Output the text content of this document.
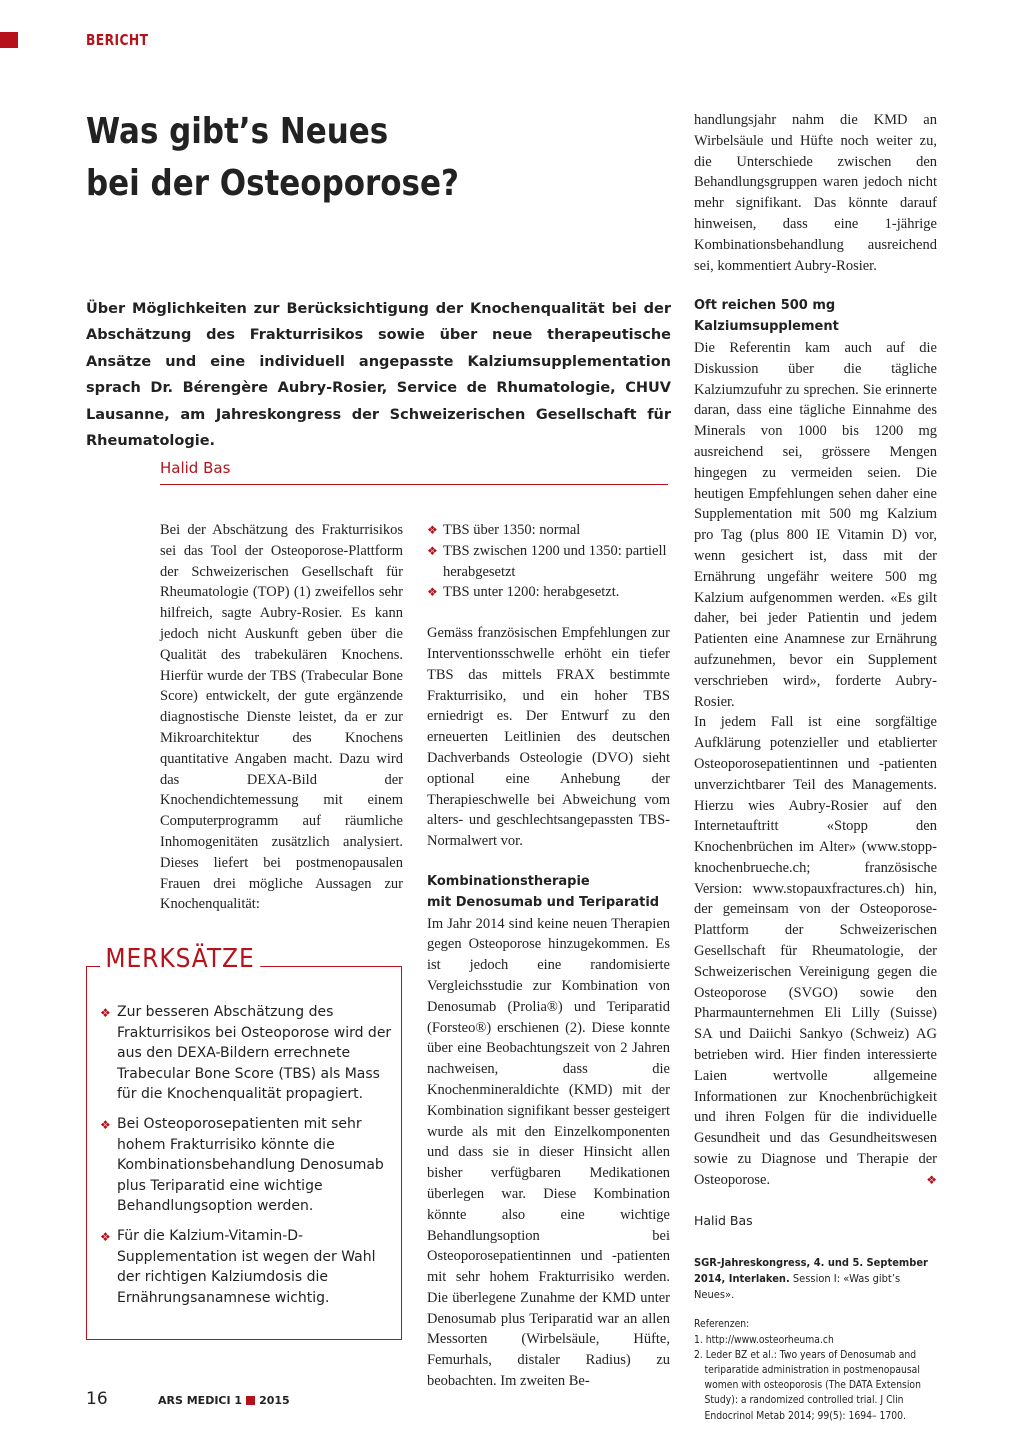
BERICHT
Was gibt’s Neues
bei der Osteoporose?

Über Möglichkeiten zur Berücksichtigung der Knochenqualität bei der Abschätzung des Frakturrisikos sowie über neue therapeutische Ansätze und eine individuell angepasste Kalziumsupplementation sprach Dr. Bérengère Aubry-Rosier, Service de Rhumatologie, CHUV Lausanne, am Jahreskongress der Schweizerischen Gesellschaft für Rheumatologie.

Halid Bas

Bei der Abschätzung des Frakturrisikos sei das Tool der Osteoporose-Plattform der Schweizerischen Gesellschaft für Rheumatologie (TOP) (1) zweifellos sehr hilfreich, sagte Aubry-Rosier. Es kann jedoch nicht Auskunft geben über die Qualität des trabekulären Knochens. Hierfür wurde der TBS (Trabecular Bone Score) entwickelt, der gute ergänzende diagnostische Dienste leistet, da er zur Mikroarchitektur des Knochens quantitative Angaben macht. Dazu wird das DEXA-Bild der Knochendichtemessung mit einem Computerprogramm auf räumliche Inhomogenitäten zusätzlich analysiert. Dieses liefert bei postmenopausalen Frauen drei mögliche Aussagen zur Knochenqualität:

MERKSÄTZE
❖ Zur besseren Abschätzung des Frakturrisikos bei Osteoporose wird der aus den DEXA-Bildern errechnete Trabecular Bone Score (TBS) als Mass für die Knochenqualität propagiert.
❖ Bei Osteoporosepatienten mit sehr hohem Frakturrisiko könnte die Kombinationsbehandlung Denosumab plus Teriparatid eine wichtige Behandlungsoption werden.
❖ Für die Kalzium-Vitamin-D-Supplementation ist wegen der Wahl der richtigen Kalziumdosis die Ernährungsanamnese wichtig.
❖ TBS über 1350: normal
❖ TBS zwischen 1200 und 1350: partiell herabgesetzt
❖ TBS unter 1200: herabgesetzt.

Gemäss französischen Empfehlungen zur Interventionsschwelle erhöht ein tiefer TBS das mittels FRAX bestimmte Frakturrisiko, und ein hoher TBS erniedrigt es. Der Entwurf zu den erneuerten Leitlinien des deutschen Dachverbands Osteologie (DVO) sieht optional eine Anhebung der Therapieschwelle bei Abweichung vom alters- und geschlechtsangepassten TBS-Normalwert vor.

Kombinationstherapie
mit Denosumab und Teriparatid

Im Jahr 2014 sind keine neuen Therapien gegen Osteoporose hinzugekommen. Es ist jedoch eine randomisierte Vergleichsstudie zur Kombination von Denosumab (Prolia®) und Teriparatid (Forsteo®) erschienen (2). Diese konnte über eine Beobachtungszeit von 2 Jahren nachweisen, dass die Knochenmineraldichte (KMD) mit der Kombination signifikant besser gesteigert wurde als mit den Einzelkomponenten und dass sie in dieser Hinsicht allen bisher verfügbaren Medikationen überlegen war. Diese Kombination könnte also eine wichtige Behandlungsoption bei Osteoporosepatientinnen und -patienten mit sehr hohem Frakturrisiko werden. Die überlegene Zunahme der KMD unter Denosumab plus Teriparatid war an allen Messorten (Wirbelsäule, Hüfte, Femurhals, distaler Radius) zu beobachten. Im zweiten Be-

handlungsjahr nahm die KMD an Wirbelsäule und Hüfte noch weiter zu, die Unterschiede zwischen den Behandlungsgruppen waren jedoch nicht mehr signifikant. Das könnte darauf hinweisen, dass eine 1-jährige Kombinationsbehandlung ausreichend sei, kommentiert Aubry-Rosier.

Oft reichen 500 mg
Kalziumsupplement

Die Referentin kam auch auf die Diskussion über die tägliche Kalziumzufuhr zu sprechen. Sie erinnerte daran, dass eine tägliche Einnahme des Minerals von 1000 bis 1200 mg ausreichend sei, grössere Mengen hingegen zu vermeiden seien. Die heutigen Empfehlungen sehen daher eine Supplementation mit 500 mg Kalzium pro Tag (plus 800 IE Vitamin D) vor, wenn gesichert ist, dass mit der Ernährung ungefähr weitere 500 mg Kalzium aufgenommen werden. «Es gilt daher, bei jeder Patientin und jedem Patienten eine Anamnese zur Ernährung aufzunehmen, bevor ein Supplement verschrieben wird», forderte Aubry-Rosier.

In jedem Fall ist eine sorgfältige Aufklärung potenzieller und etablierter Osteoporosepatientinnen und -patienten unverzichtbarer Teil des Managements. Hierzu wies Aubry-Rosier auf den Internetauftritt «Stopp den Knochenbrüchen im Alter» (www.stopp-knochenbrueche.ch; französische Version: www.stopauxfractures.ch) hin, der gemeinsam von der Osteoporose-Plattform der Schweizerischen Gesellschaft für Rheumatologie, der Schweizerischen Vereinigung gegen die Osteoporose (SVGO) sowie den Pharmaunternehmen Eli Lilly (Suisse) SA und Daiichi Sankyo (Schweiz) AG betrieben wird. Hier finden interessierte Laien wertvolle allgemeine Informationen zur Knochenbrüchigkeit und ihren Folgen für die individuelle Gesundheit und das Gesundheitswesen sowie zu Diagnose und Therapie der Osteoporose.	❖

Halid Bas
SGR-Jahreskongress, 4. und 5. September 2014, Interlaken. Session I: «Was gibt’s Neues».
Referenzen:
1. http://www.osteorheuma.ch
2. Leder BZ et al.: Two years of Denosumab and teriparatide administration in postmenopausal women with osteoporosis (The DATA Extension Study): a randomized controlled trial. J Clin Endocrinol Metab 2014; 99(5): 1694– 1700.
16	ARS MEDICI 1 2015
